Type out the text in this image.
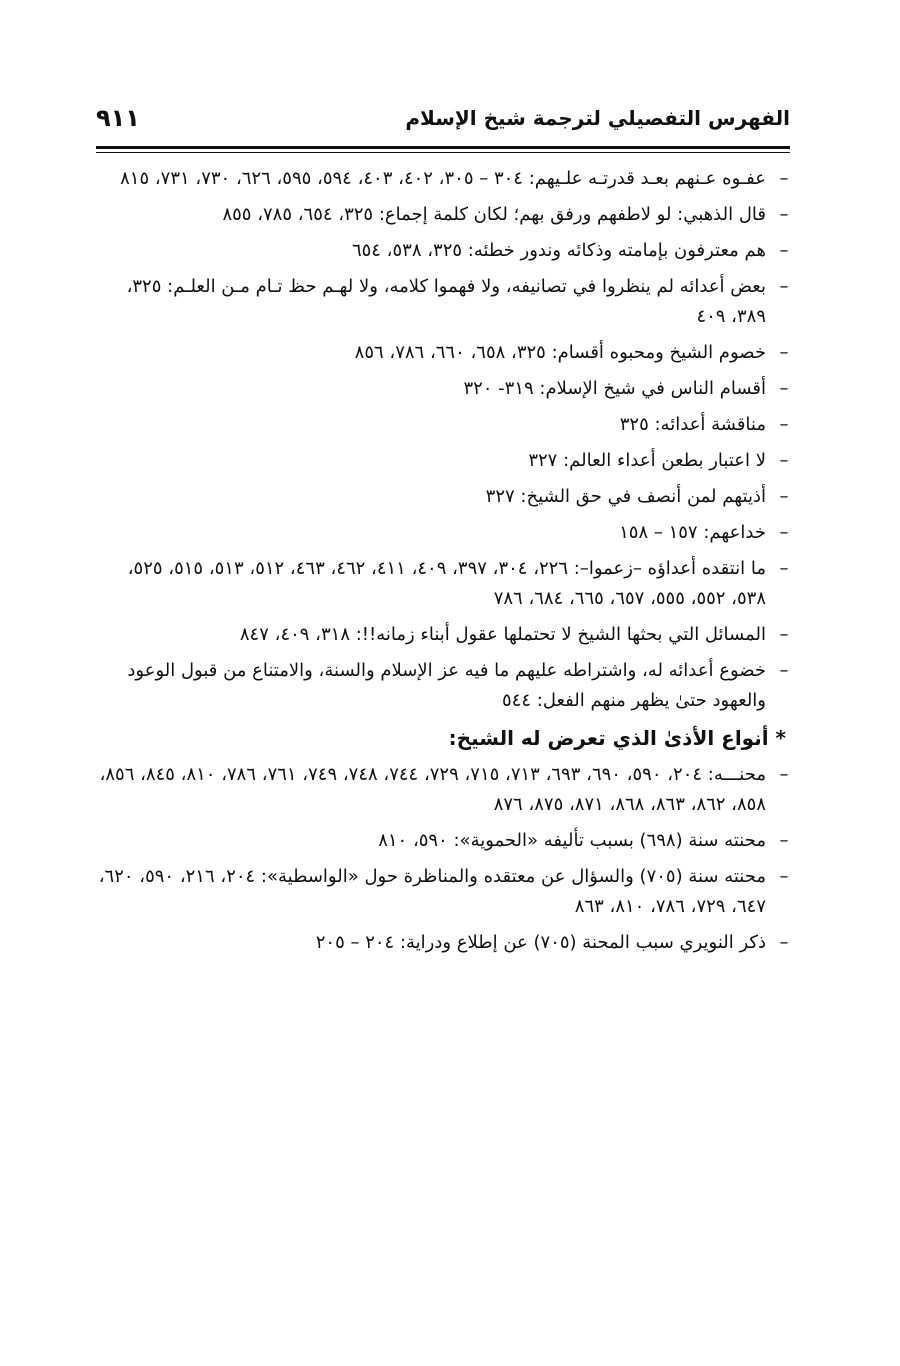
الفهرس التفصيلي لترجمة شيخ الإسلام
٩١١
–
عفـوه عـنهم بعـد قدرتـه علـيهم: ٣٠٤ – ٣٠٥، ٤٠٢، ٤٠٣، ٥٩٤، ٥٩٥، ٦٢٦، ٧٣٠، ٧٣١، ٨١٥
–
قال الذهبي: لو لاطفهم ورفق بهم؛ لكان كلمة إجماع: ٣٢٥، ٦٥٤، ٧٨٥، ٨٥٥
–
هم معترفون بإمامته وذكائه وندور خطئه: ٣٢٥، ٥٣٨، ٦٥٤
–
بعض أعدائه لم ينظروا في تصانيفه، ولا فهموا كلامه، ولا لهـم حظ تـام مـن العلـم: ٣٢٥، ٣٨٩، ٤٠٩
–
خصوم الشيخ ومحبوه أقسام: ٣٢٥، ٦٥٨، ٦٦٠، ٧٨٦، ٨٥٦
–
أقسام الناس في شيخ الإسلام: ٣١٩- ٣٢٠
–
مناقشة أعدائه: ٣٢٥
–
لا اعتبار بطعن أعداء العالم: ٣٢٧
–
أذيتهم لمن أنصف في حق الشيخ: ٣٢٧
–
خداعهم: ١٥٧ – ١٥٨
–
ما انتقده أعداؤه –زعموا–: ٢٢٦، ٣٠٤، ٣٩٧، ٤٠٩، ٤١١، ٤٦٢، ٤٦٣، ٥١٢، ٥١٣، ٥١٥، ٥٢٥، ٥٣٨، ٥٥٢، ٥٥٥، ٦٥٧، ٦٦٥، ٦٨٤، ٧٨٦
–
المسائل التي بحثها الشيخ لا تحتملها عقول أبناء زمانه!!: ٣١٨، ٤٠٩، ٨٤٧
–
خضوع أعدائه له، واشتراطه عليهم ما فيه عز الإسلام والسنة، والامتناع من قبول الوعود والعهود حتىٰ يظهر منهم الفعل: ٥٤٤
* أنواع الأذىٰ الذي تعرض له الشيخ:
–
محنـــه: ٢٠٤، ٥٩٠، ٦٩٠، ٦٩٣، ٧١٣، ٧١٥، ٧٢٩، ٧٤٤، ٧٤٨، ٧٤٩، ٧٦١، ٧٨٦، ٨١٠، ٨٤٥، ٨٥٦، ٨٥٨، ٨٦٢، ٨٦٣، ٨٦٨، ٨٧١، ٨٧٥، ٨٧٦
–
محنته سنة (٦٩٨) بسبب تأليفه «الحموية»: ٥٩٠، ٨١٠
–
محنته سنة (٧٠٥) والسؤال عن معتقده والمناظرة حول «الواسطية»: ٢٠٤، ٢١٦، ٥٩٠، ٦٢٠، ٦٤٧، ٧٢٩، ٧٨٦، ٨١٠، ٨٦٣
–
ذكر النويري سبب المحنة (٧٠٥) عن إطلاع ودراية: ٢٠٤ – ٢٠٥
